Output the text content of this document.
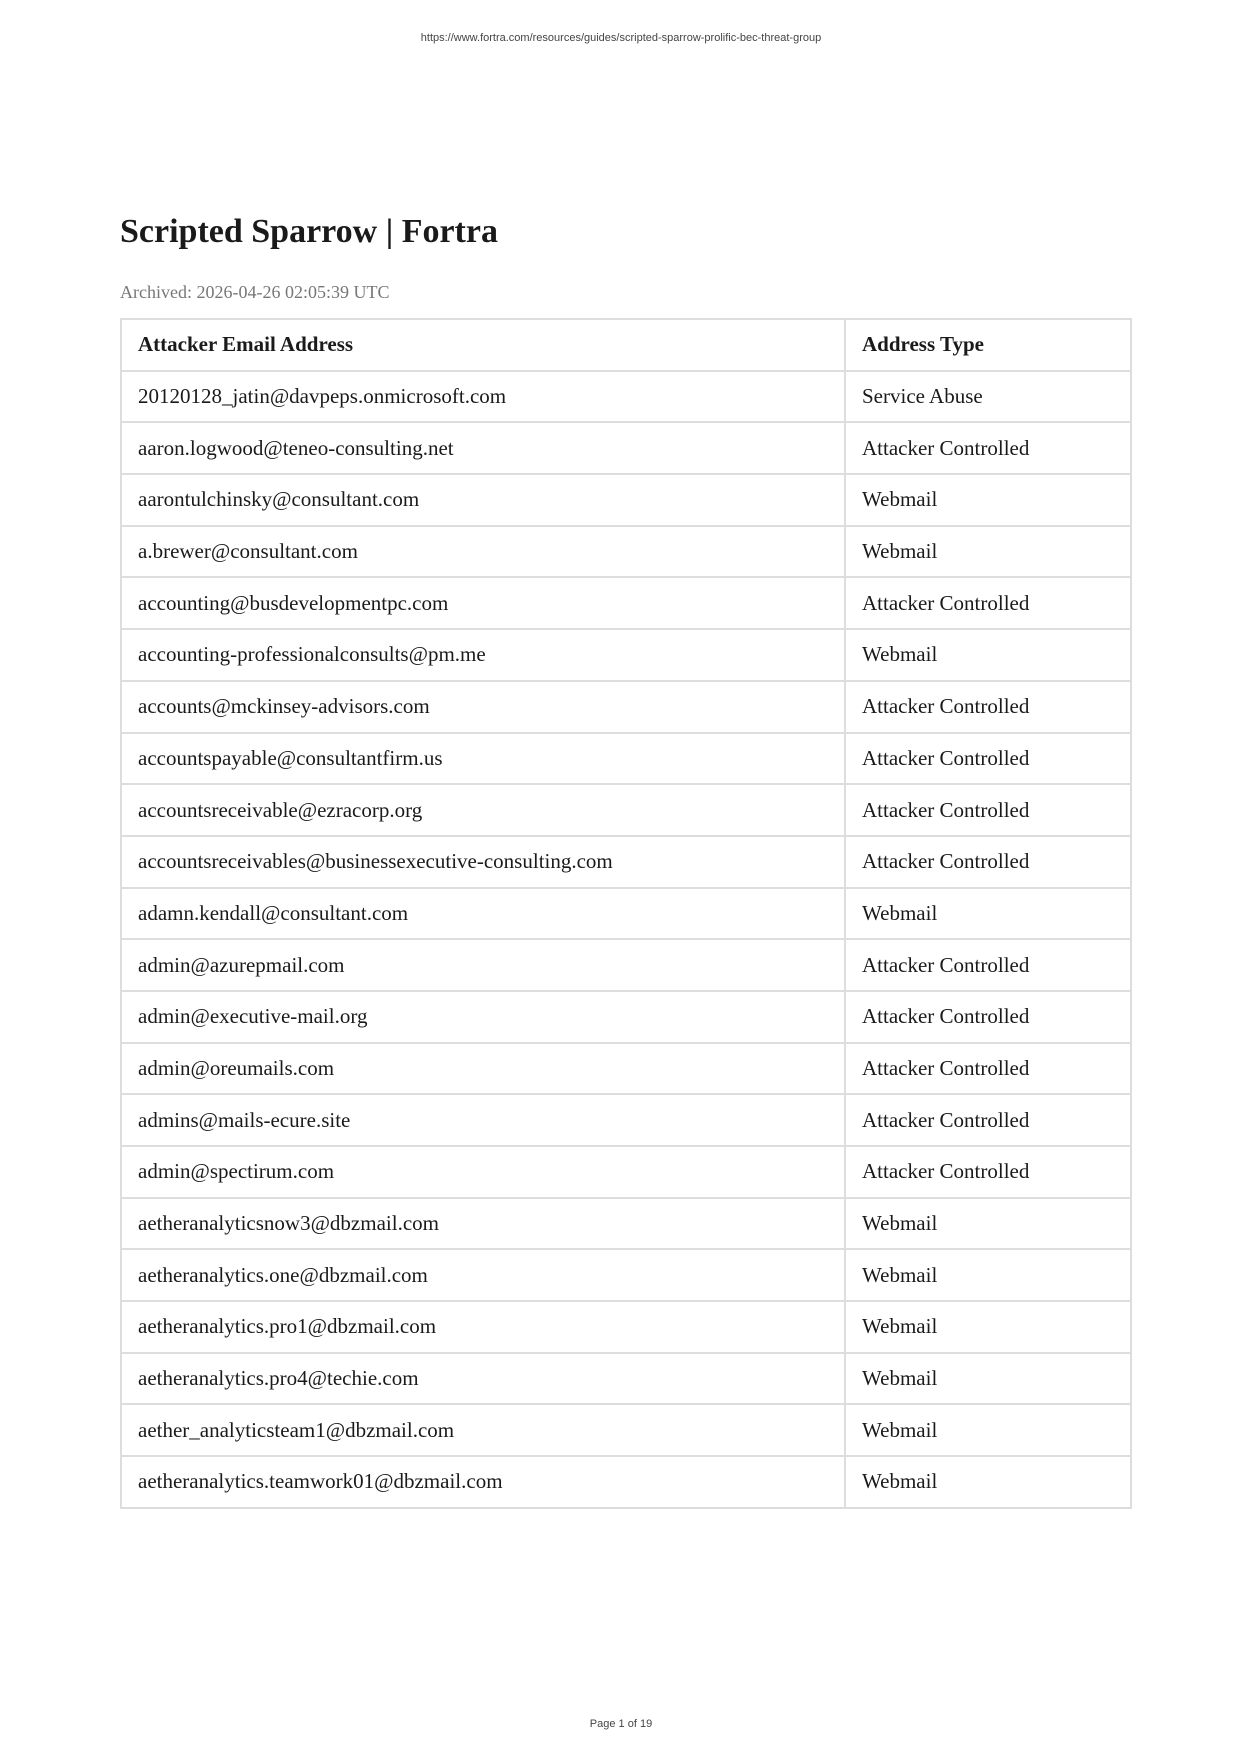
https://www.fortra.com/resources/guides/scripted-sparrow-prolific-bec-threat-group
Scripted Sparrow | Fortra
Archived: 2026-04-26 02:05:39 UTC
Attacker Email Address	Address Type
20120128_jatin@davpeps.onmicrosoft.com	Service Abuse
aaron.logwood@teneo-consulting.net	Attacker Controlled
aarontulchinsky@consultant.com	Webmail
a.brewer@consultant.com	Webmail
accounting@busdevelopmentpc.com	Attacker Controlled
accounting-professionalconsults@pm.me	Webmail
accounts@mckinsey-advisors.com	Attacker Controlled
accountspayable@consultantfirm.us	Attacker Controlled
accountsreceivable@ezracorp.org	Attacker Controlled
accountsreceivables@businessexecutive-consulting.com	Attacker Controlled
adamn.kendall@consultant.com	Webmail
admin@azurepmail.com	Attacker Controlled
admin@executive-mail.org	Attacker Controlled
admin@oreumails.com	Attacker Controlled
admins@mails-ecure.site	Attacker Controlled
admin@spectirum.com	Attacker Controlled
aetheranalyticsnow3@dbzmail.com	Webmail
aetheranalytics.one@dbzmail.com	Webmail
aetheranalytics.pro1@dbzmail.com	Webmail
aetheranalytics.pro4@techie.com	Webmail
aether_analyticsteam1@dbzmail.com	Webmail
aetheranalytics.teamwork01@dbzmail.com	Webmail
Page 1 of 19
